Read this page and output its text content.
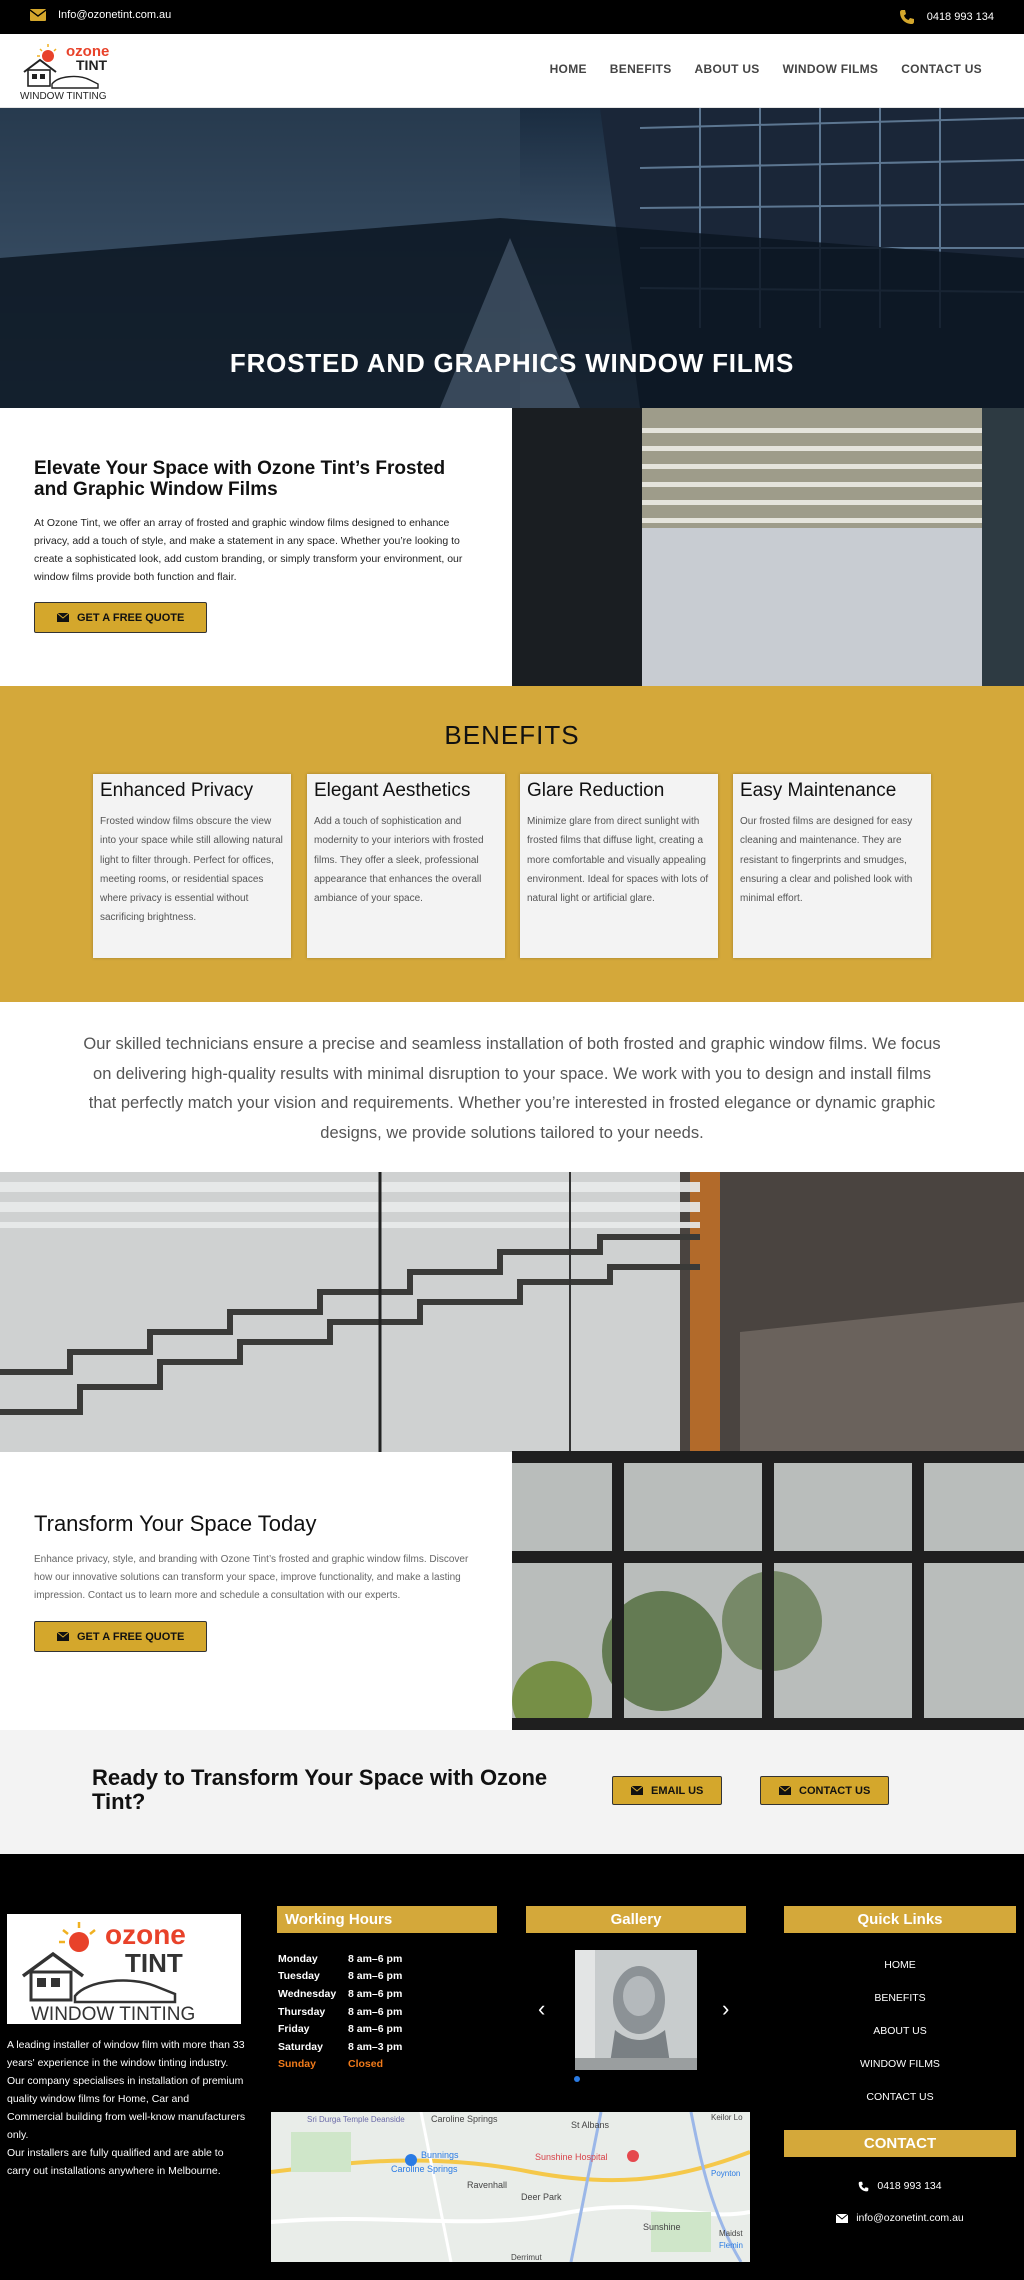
Info@ozonetint.com.au	0418 993 134
ozone
TINT
WINDOW TINTING
HOME BENEFITS ABOUT US WINDOW FILMS CONTACT US
FROSTED AND GRAPHICS WINDOW FILMS
Elevate Your Space with Ozone Tint’s Frosted and Graphic Window Films

At Ozone Tint, we offer an array of frosted and graphic window films designed to enhance privacy, add a touch of style, and make a statement in any space. Whether you’re looking to create a sophisticated look, add custom branding, or simply transform your environment, our window films provide both function and flair.

GET A FREE QUOTE
BENEFITS
Enhanced Privacy

Frosted window films obscure the view into your space while still allowing natural light to filter through. Perfect for offices, meeting rooms, or residential spaces where privacy is essential without sacrificing brightness.

Elegant Aesthetics

Add a touch of sophistication and modernity to your interiors with frosted films. They offer a sleek, professional appearance that enhances the overall ambiance of your space.

Glare Reduction

Minimize glare from direct sunlight with frosted films that diffuse light, creating a more comfortable and visually appealing environment. Ideal for spaces with lots of natural light or artificial glare.

Easy Maintenance

Our frosted films are designed for easy cleaning and maintenance. They are resistant to fingerprints and smudges, ensuring a clear and polished look with minimal effort.

Our skilled technicians ensure a precise and seamless installation of both frosted and graphic window films. We focus on delivering high-quality results with minimal disruption to your space. We work with you to design and install films that perfectly match your vision and requirements. Whether you’re interested in frosted elegance or dynamic graphic designs, we provide solutions tailored to your needs.

Transform Your Space Today

Enhance privacy, style, and branding with Ozone Tint’s frosted and graphic window films. Discover how our innovative solutions can transform your space, improve functionality, and make a lasting impression. Contact us to learn more and schedule a consultation with our experts.

GET A FREE QUOTE
Ready to Transform Your Space with Ozone Tint?	EMAIL US	CONTACT US
ozone
TINT
WINDOW TINTING

A leading installer of window film with more than 33 years' experience in the window tinting industry.
Our company specialises in installation of premium quality window films for Home, Car and Commercial building from well-know manufacturers only.
Our installers are fully qualified and are able to carry out installations anywhere in Melbourne.

Working Hours
Monday	8 am–6 pm
Tuesday	8 am–6 pm
Wednesday	8 am–6 pm
Thursday	8 am–6 pm
Friday	8 am–6 pm
Saturday	8 am–3 pm
Sunday	Closed
Gallery
‹	›
Caroline Springs
St Albans
Sunshine Hospital
Bunnings
Caroline Springs
Ravenhall
Deer Park
Sunshine
Sri Durga Temple Deanside	Keilor Lo
Poynton
Maidst
Flemin
Derrimut
Quick Links
HOME
BENEFITS
ABOUT US
WINDOW FILMS
CONTACT US
CONTACT
0418 993 134
info@ozonetint.com.au
